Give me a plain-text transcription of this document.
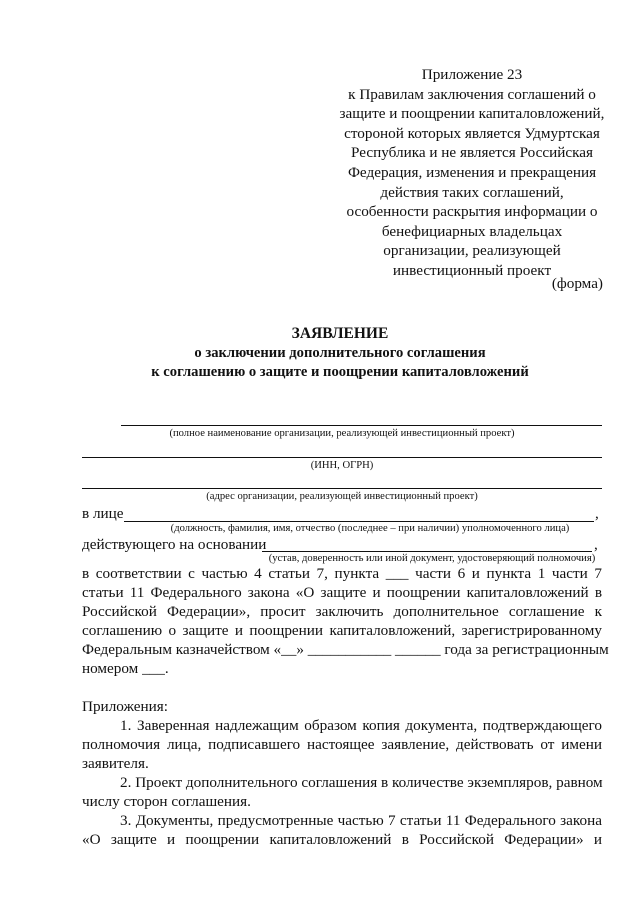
Приложение 23
к Правилам заключения соглашений о
защите и поощрении капиталовложений,
стороной которых является Удмуртская
Республика и не является Российская
Федерация, изменения и прекращения
действия таких соглашений,
особенности раскрытия информации о
бенефициарных владельцах
организации, реализующей
инвестиционный проект
(форма)
ЗАЯВЛЕНИЕ
о заключении дополнительного соглашения
к соглашению о защите и поощрении капиталовложений
(полное наименование организации, реализующей инвестиционный проект)
(ИНН, ОГРН)
(адрес организации, реализующей инвестиционный проект)
в лице	,
(должность, фамилия, имя, отчество (последнее – при наличии) уполномоченного лица)
действующего на основании	,
(устав, доверенность или иной документ, удостоверяющий полномочия)
в соответствии с частью 4 статьи 7, пункта ___ части 6 и пункта 1 части 7
статьи 11 Федерального закона «О защите и поощрении капиталовложений в
Российской Федерации», просит заключить дополнительное соглашение к
соглашению о защите и поощрении капиталовложений, зарегистрированному
Федеральным казначейством «__» ___________ ______ года за регистрационным
номером ___.
Приложения:
1. Заверенная надлежащим образом копия документа, подтверждающего
полномочия лица, подписавшего настоящее заявление, действовать от имени
заявителя.
2. Проект дополнительного соглашения в количестве экземпляров, равном
числу сторон соглашения.
3. Документы, предусмотренные частью 7 статьи 11 Федерального закона
«О защите и поощрении капиталовложений в Российской Федерации» и
